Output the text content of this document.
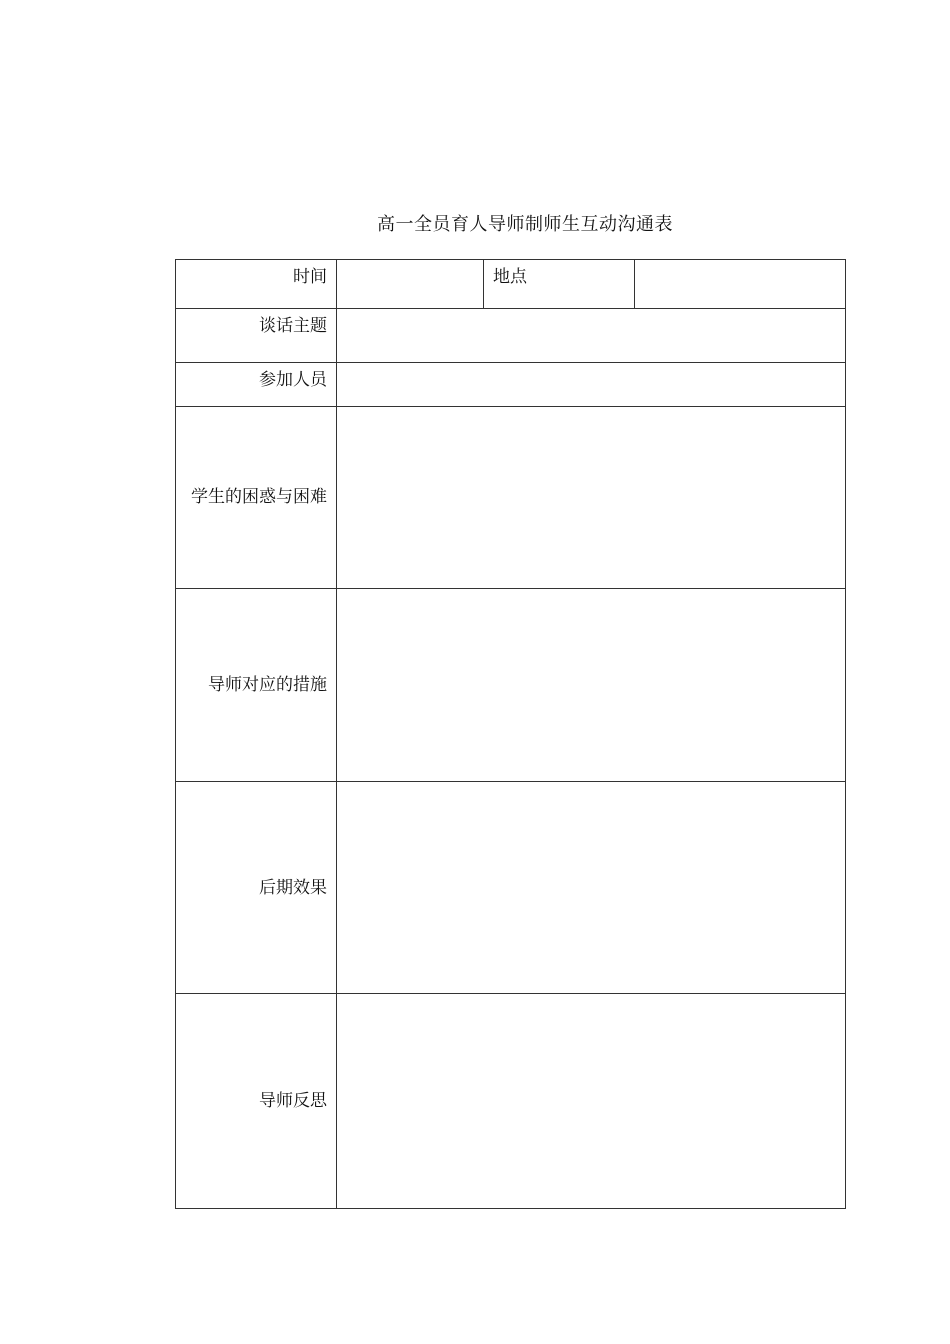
高一全员育人导师制师生互动沟通表
时间		地点	
谈话主题			
参加人员			

学生的困惑与困难			

导师对应的措施			
后期效果			
导师反思			
